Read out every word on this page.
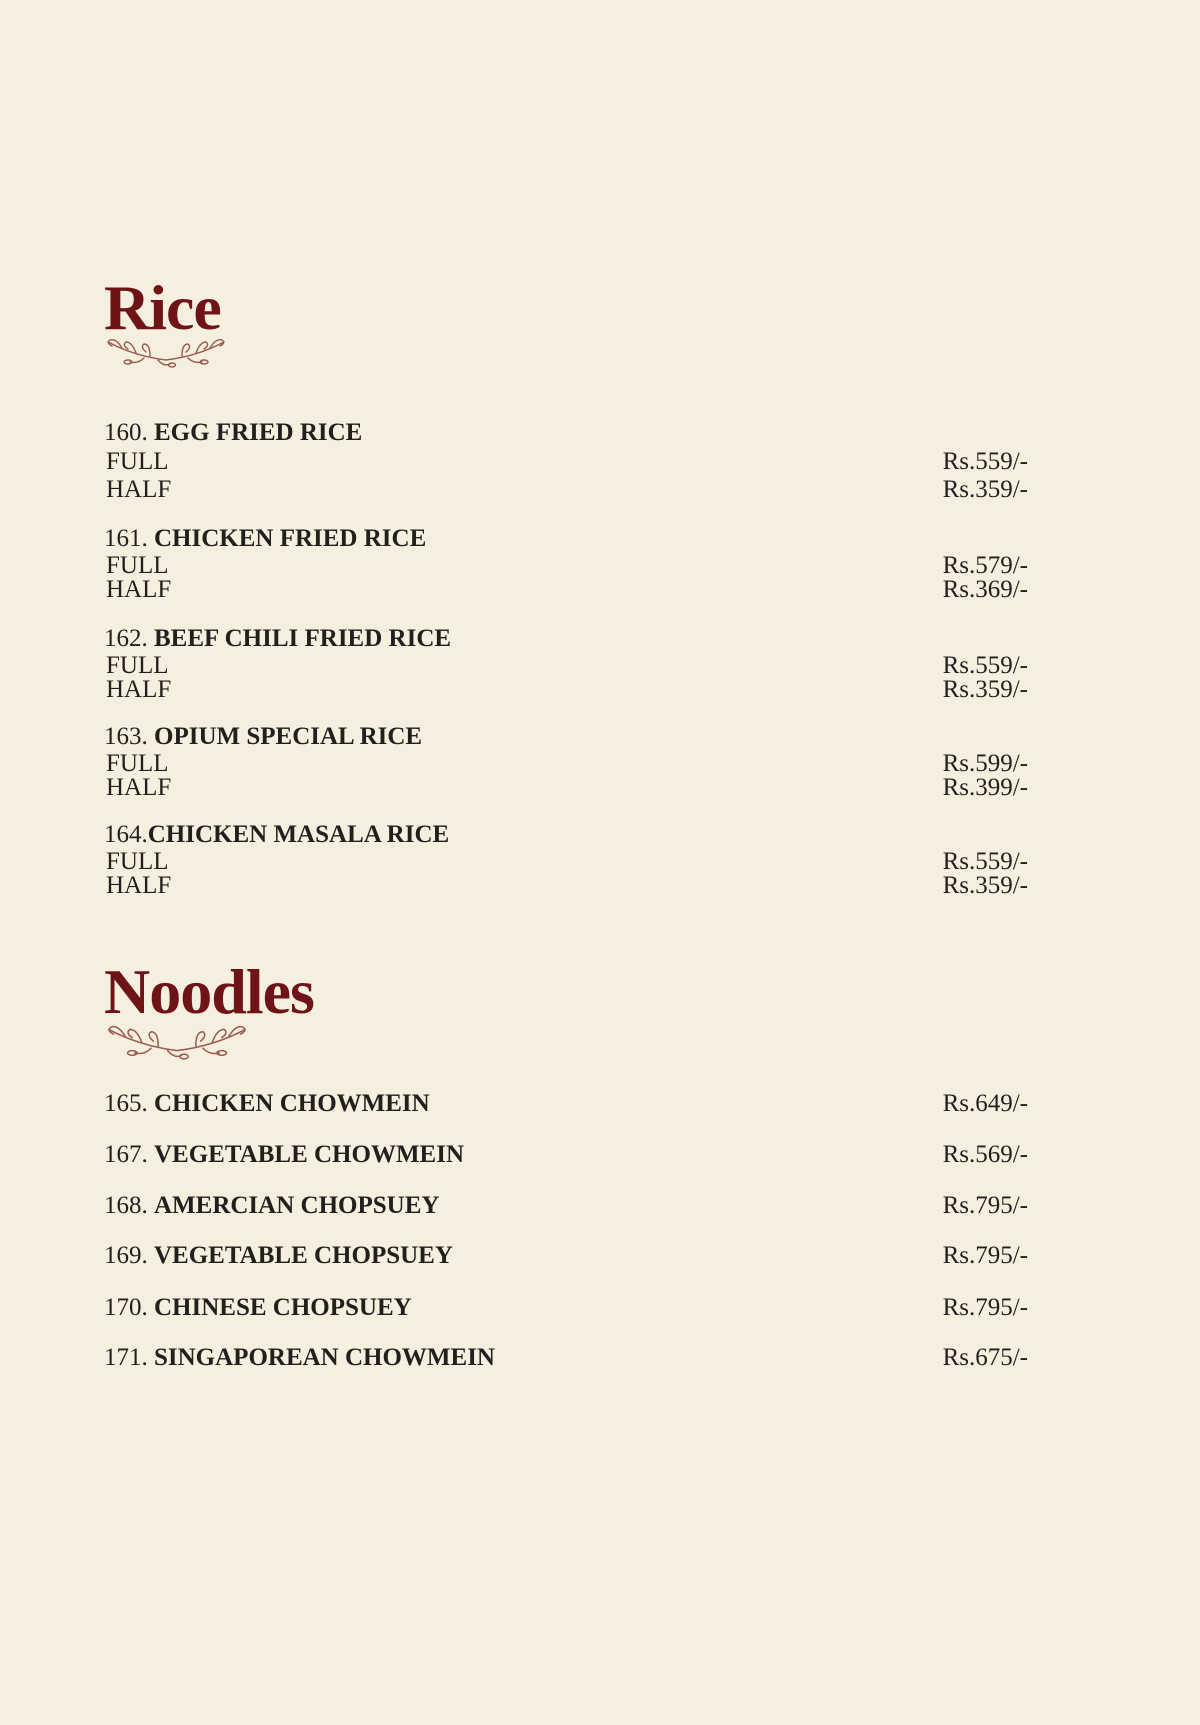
Rice
160. EGG FRIED RICE
FULL	Rs.559/-
HALF	Rs.359/-
161. CHICKEN FRIED RICE
FULL	Rs.579/-
HALF	Rs.369/-
162. BEEF CHILI FRIED RICE
FULL	Rs.559/-
HALF	Rs.359/-
163. OPIUM SPECIAL RICE
FULL	Rs.599/-
HALF	Rs.399/-
164.CHICKEN MASALA RICE
FULL	Rs.559/-
HALF	Rs.359/-
Noodles
165. CHICKEN CHOWMEIN	Rs.649/-
167. VEGETABLE CHOWMEIN	Rs.569/-
168. AMERCIAN CHOPSUEY	Rs.795/-
169. VEGETABLE CHOPSUEY	Rs.795/-
170. CHINESE CHOPSUEY	Rs.795/-
171. SINGAPOREAN CHOWMEIN	Rs.675/-
